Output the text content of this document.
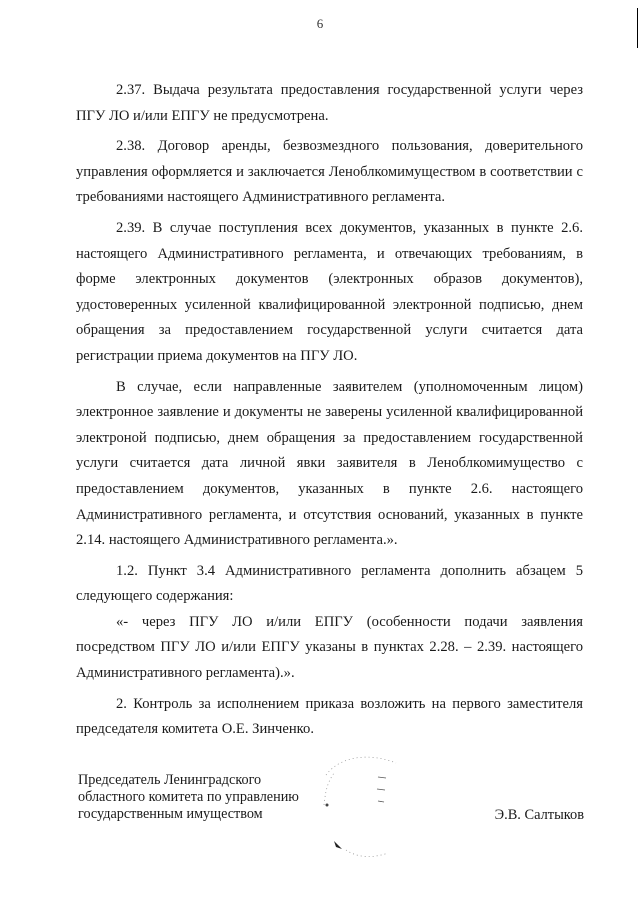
6

2.37. Выдача результата предоставления государственной услуги через ПГУ ЛО и/или ЕПГУ не предусмотрена.

2.38. Договор аренды, безвозмездного пользования, доверительного управления оформляется и заключается Леноблкомимуществом в соответствии с требованиями настоящего Административного регламента.

2.39. В случае поступления всех документов, указанных в пункте 2.6. настоящего Административного регламента, и отвечающих требованиям, в форме электронных документов (электронных образов документов), удостоверенных усиленной квалифицированной электронной подписью, днем обращения за предоставлением государственной услуги считается дата регистрации приема документов на ПГУ ЛО.

В случае, если направленные заявителем (уполномоченным лицом) электронное заявление и документы не заверены усиленной квалифицированной электроной подписью, днем обращения за предоставлением государственной услуги считается дата личной явки заявителя в Леноблкомимущество с предоставлением документов, указанных в пункте 2.6. настоящего Административного регламента, и отсутствия оснований, указанных в пункте 2.14. настоящего Административного регламента.».

1.2. Пункт 3.4 Административного регламента дополнить абзацем 5 следующего содержания:

«- через ПГУ ЛО и/или ЕПГУ (особенности подачи заявления посредством ПГУ ЛО и/или ЕПГУ указаны в пунктах 2.28. – 2.39. настоящего Административного регламента).».

2. Контроль за исполнением приказа возложить на первого заместителя председателя комитета О.Е. Зинченко.

Председатель Ленинградского
областного комитета по управлению
государственным имуществом	Э.В. Салтыков
